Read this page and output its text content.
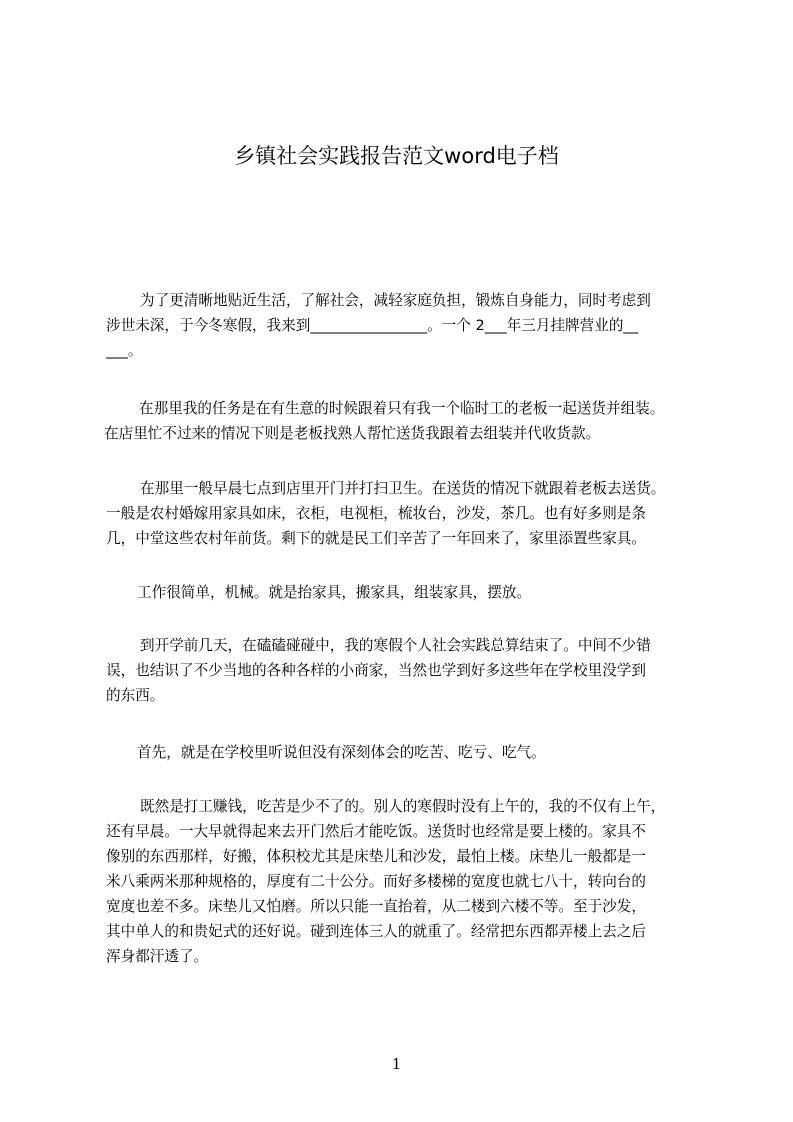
乡镇社会实践报告范文word电子档
为了更清晰地贴近生活，了解社会，减轻家庭负担，锻炼自身能力，同时考虑到
涉世未深，于今冬寒假，我来到________________。一个 2___年三月挂牌营业的__
___。
在那里我的任务是在有生意的时候跟着只有我一个临时工的老板一起送货并组装。
在店里忙不过来的情况下则是老板找熟人帮忙送货我跟着去组装并代收货款。
在那里一般早晨七点到店里开门并打扫卫生。在送货的情况下就跟着老板去送货。
一般是农村婚嫁用家具如床，衣柜，电视柜，梳妆台，沙发，茶几。也有好多则是条
几，中堂这些农村年前货。剩下的就是民工们辛苦了一年回来了，家里添置些家具。
工作很简单，机械。就是抬家具，搬家具，组装家具，摆放。
到开学前几天，在磕磕碰碰中，我的寒假个人社会实践总算结束了。中间不少错
误，也结识了不少当地的各种各样的小商家，当然也学到好多这些年在学校里没学到
的东西。
首先，就是在学校里听说但没有深刻体会的吃苦、吃亏、吃气。
既然是打工赚钱，吃苦是少不了的。别人的寒假时没有上午的，我的不仅有上午，
还有早晨。一大早就得起来去开门然后才能吃饭。送货时也经常是要上楼的。家具不
像别的东西那样，好搬，体积校尤其是床垫儿和沙发，最怕上楼。床垫儿一般都是一
米八乘两米那种规格的，厚度有二十公分。而好多楼梯的宽度也就七八十，转向台的
宽度也差不多。床垫儿又怕磨。所以只能一直抬着，从二楼到六楼不等。至于沙发，
其中单人的和贵妃式的还好说。碰到连体三人的就重了。经常把东西都弄楼上去之后
浑身都汗透了。
1
